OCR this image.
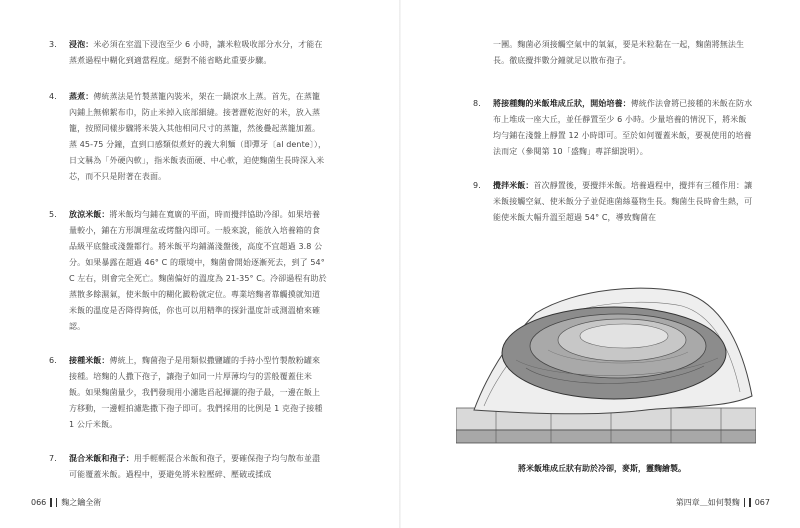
3.	浸泡：米必須在室溫下浸泡至少 6 小時，讓米粒吸收部分水分，才能在蒸煮過程中糊化到適當程度。絕對不能省略此重要步驟。
4.	蒸煮：傳統蒸法是竹製蒸籠內裝米，架在一鍋滾水上蒸。首先，在蒸籠內鋪上無棉絮布巾，防止米掉入底部細縫。接著瀝乾泡好的米，放入蒸籠，按照同樣步驟將米裝入其他相同尺寸的蒸籠，然後疊起蒸籠加蓋。蒸 45-75 分鐘，直到口感類似煮好的義大利麵（即彈牙〔al dente〕），日文稱為「外硬內軟」，指米飯表面硬、中心軟，迫使麴菌生長時深入米芯，而不只是附著在表面。
5.	放涼米飯：將米飯均勻鋪在寬廣的平面，時而攪拌協助冷卻。如果培養量較小，鋪在方形調理盆或烤盤內即可。一般來說，能放入培養箱的食品級平底盤或淺盤都行。將米飯平均鋪滿淺盤後，高度不宜超過 3.8 公分。如果暴露在超過 46° C 的環境中，麴菌會開始逐漸死去，到了 54° C 左右，則會完全死亡。麴菌偏好的溫度為 21-35° C。冷卻過程有助於蒸散多餘濕氣，使米飯中的糊化澱粉就定位。專業培麴者靠觸摸就知道米飯的溫度是否降得夠低，你也可以用精準的探針溫度計或測溫槍來確認。
6.	接種米飯：傳統上，麴菌孢子是用類似撒鹽罐的手持小型竹製散粉罐來接種。培麴的人撒下孢子，讓孢子如同一片厚薄均勻的雲般覆蓋住米飯。如果麴菌量少，我們發現用小濾匙舀起揮灑的孢子最，一邊在飯上方移動，一邊輕拍濾匙撒下孢子即可。我們採用的比例是 1 克孢子接種 1 公斤米飯。
7.	混合米飯和孢子：用手輕輕混合米飯和孢子，要確保孢子均勻散布並盡可能覆蓋米飯。過程中，要避免將米粒壓碎、壓破或揉成
066 麴之鑰全術
一團。麴菌必須接觸空氣中的氧氣，要是米粒黏在一起，麴菌將無法生長。徹底攪拌數分鐘就足以散布孢子。
8.	將接種麴的米飯堆成丘狀，開始培養：傳統作法會將已接種的米飯在防水布上堆成一座大丘，並任靜置至少 6 小時。少量培養的情況下，將米飯均勻鋪在淺盤上靜置 12 小時即可。至於如何覆蓋米飯，要視使用的培養法而定（參閱第 10「盛麴」專詳細說明）。
9.	攪拌米飯：首次靜置後，要攪拌米飯。培養過程中，攪拌有三種作用：讓米飯接觸空氣、使米飯分子並促進菌絲蔓物生長。麴菌生長時會生熱，可能使米飯大幅升溫至超過 54° C，導致麴菌在
將米飯堆成丘狀有助於冷卻，麥斯，靈麴繪製。
第四章＿如何製麴 067
